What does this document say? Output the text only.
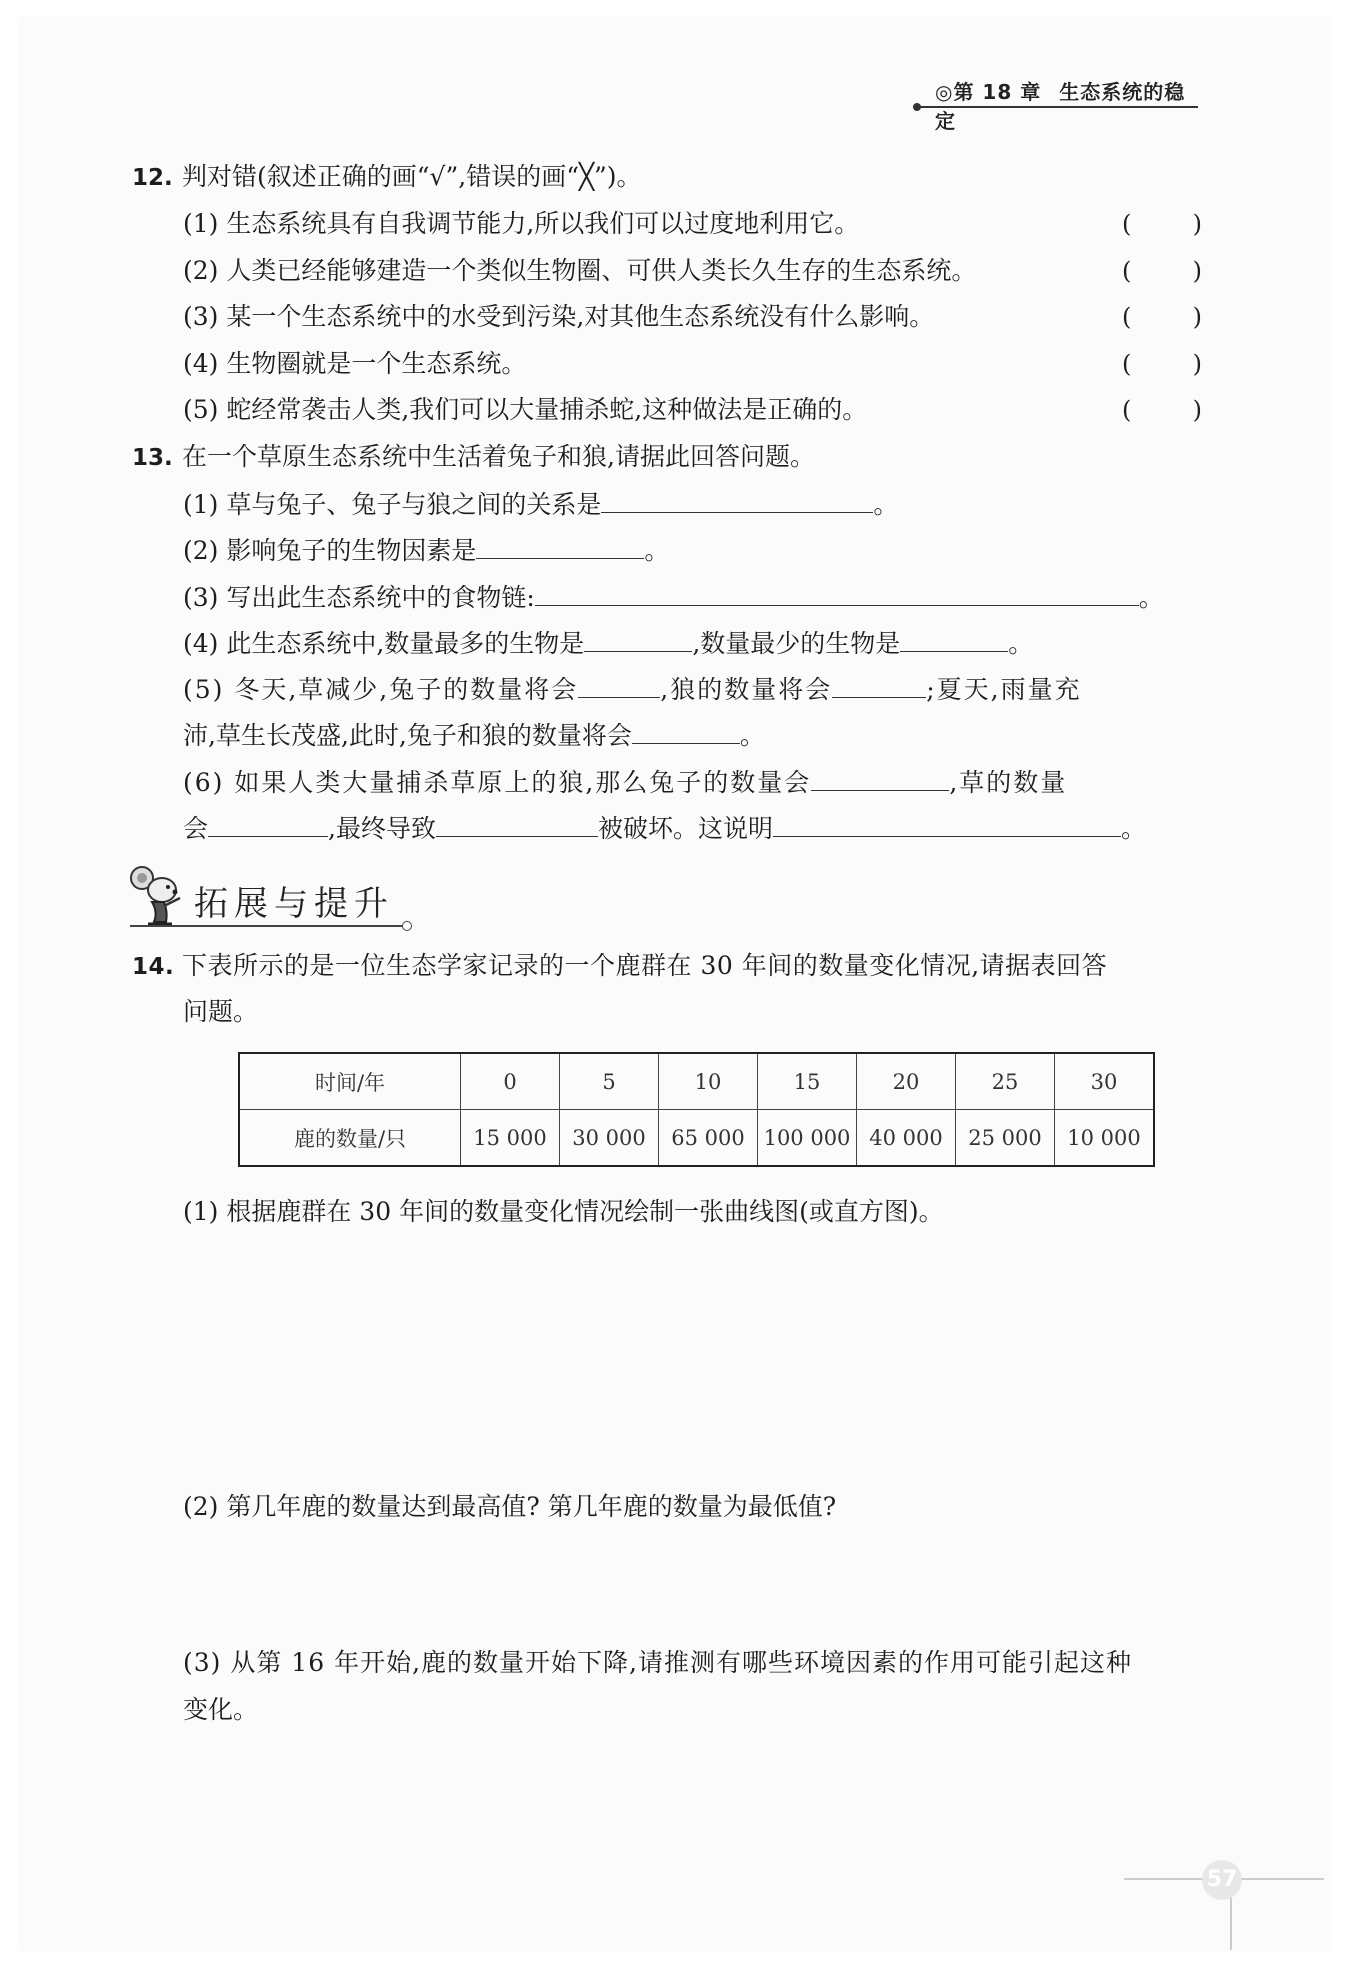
◎第 18 章 生态系统的稳定
12. 判对错(叙述正确的画“√”,错误的画“╳”)。
(1) 生态系统具有自我调节能力,所以我们可以过度地利用它。	(	)
(2) 人类已经能够建造一个类似生物圈、可供人类长久生存的生态系统。	(	)
(3) 某一个生态系统中的水受到污染,对其他生态系统没有什么影响。	(	)
(4) 生物圈就是一个生态系统。	(	)
(5) 蛇经常袭击人类,我们可以大量捕杀蛇,这种做法是正确的。	(	)
13. 在一个草原生态系统中生活着兔子和狼,请据此回答问题。
(1) 草与兔子、兔子与狼之间的关系是	。
(2) 影响兔子的生物因素是	。
(3) 写出此生态系统中的食物链:	。
(4) 此生态系统中,数量最多的生物是	,数量最少的生物是	。
(5) 冬天,草减少,兔子的数量将会	,狼的数量将会	;夏天,雨量充
沛,草生长茂盛,此时,兔子和狼的数量将会	。
(6) 如果人类大量捕杀草原上的狼,那么兔子的数量会	,草的数量
会	,最终导致	被破坏。这说明	。
拓展与提升
14. 下表所示的是一位生态学家记录的一个鹿群在 30 年间的数量变化情况,请据表回答
问题。
时间/年	0	5	10	15	20	25	30
鹿的数量/只	15 000	30 000	65 000	100 000	40 000	25 000	10 000
(1) 根据鹿群在 30 年间的数量变化情况绘制一张曲线图(或直方图)。
(2) 第几年鹿的数量达到最高值? 第几年鹿的数量为最低值?
(3) 从第 16 年开始,鹿的数量开始下降,请推测有哪些环境因素的作用可能引起这种
变化。
57
